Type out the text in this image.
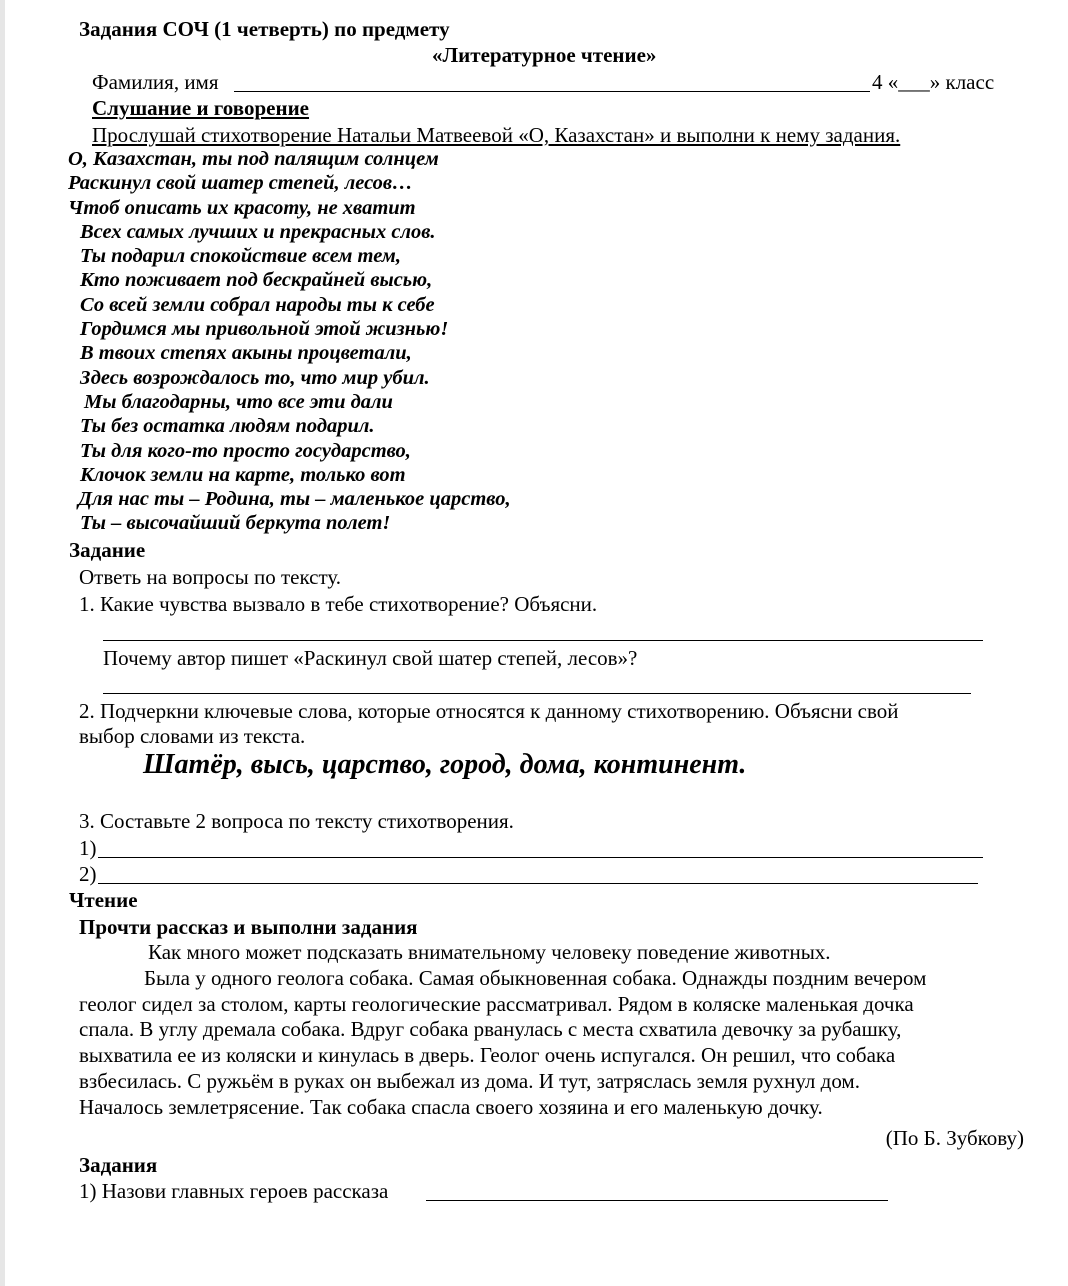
Задания СОЧ (1 четверть) по предмету
«Литературное чтение»
Фамилия, имя	4 «___» класс
Слушание и говорение
Прослушай стихотворение Натальи Матвеевой «О, Казахстан» и выполни к нему задания.
О, Казахстан, ты под палящим солнцем
Раскинул свой шатер степей, лесов…
Чтоб описать их красоту, не хватит
Всех самых лучших и прекрасных слов.
Ты подарил спокойствие всем тем,
Кто поживает под бескрайней высью,
Со всей земли собрал народы ты к себе
Гордимся мы привольной этой жизнью!
В твоих степях акыны процветали,
Здесь возрождалось то, что мир убил.
Мы благодарны, что все эти дали
Ты без остатка людям подарил.
Ты для кого-то просто государство,
Клочок земли на карте, только вот
Для нас ты – Родина, ты – маленькое царство,
Ты – высочайший беркута полет!
Задание
Ответь на вопросы по тексту.
1. Какие чувства вызвало в тебе стихотворение? Объясни.
Почему автор пишет «Раскинул свой шатер степей, лесов»?
2. Подчеркни ключевые слова, которые относятся к данному стихотворению. Объясни свой
выбор словами из текста.
Шатёр, высь, царство, город, дома, континент.
3. Составьте 2 вопроса по тексту стихотворения.
1)
2)
Чтение
Прочти рассказ и выполни задания
Как много может подсказать внимательному человеку поведение животных.
Была у одного геолога собака. Самая обыкновенная собака. Однажды поздним вечером
геолог сидел за столом, карты геологические рассматривал. Рядом в коляске маленькая дочка
спала. В углу дремала собака. Вдруг собака рванулась с места схватила девочку за рубашку,
выхватила ее из коляски и кинулась в дверь. Геолог очень испугался. Он решил, что собака
взбесилась. С ружьём в руках он выбежал из дома. И тут, затряслась земля рухнул дом.
Началось землетрясение. Так собака спасла своего хозяина и его маленькую дочку.
(По Б. Зубкову)
Задания
1) Назови главных героев рассказа
